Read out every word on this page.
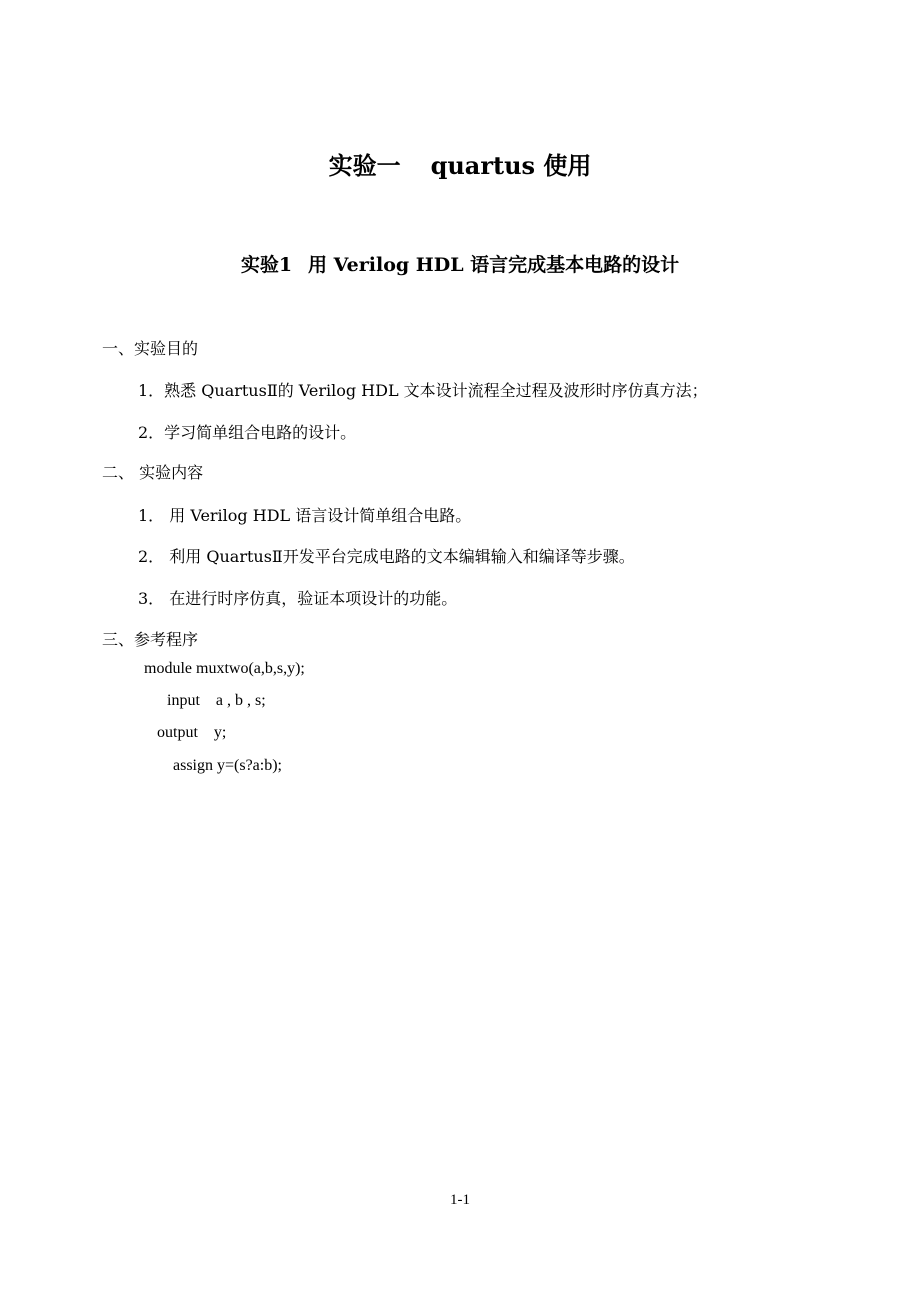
实验一 quartus 使用
实验1 用 Verilog HDL 语言完成基本电路的设计
一、实验目的
1．熟悉 QuartusⅡ的 Verilog HDL 文本设计流程全过程及波形时序仿真方法；
2．学习简单组合电路的设计。
二、 实验内容
1． 用 Verilog HDL 语言设计简单组合电路。
2． 利用 QuartusⅡ开发平台完成电路的文本编辑输入和编译等步骤。
3． 在进行时序仿真，验证本项设计的功能。
三、参考程序
module muxtwo(a,b,s,y);
input    a , b , s;
output    y;
assign y=(s?a:b);
1-1
